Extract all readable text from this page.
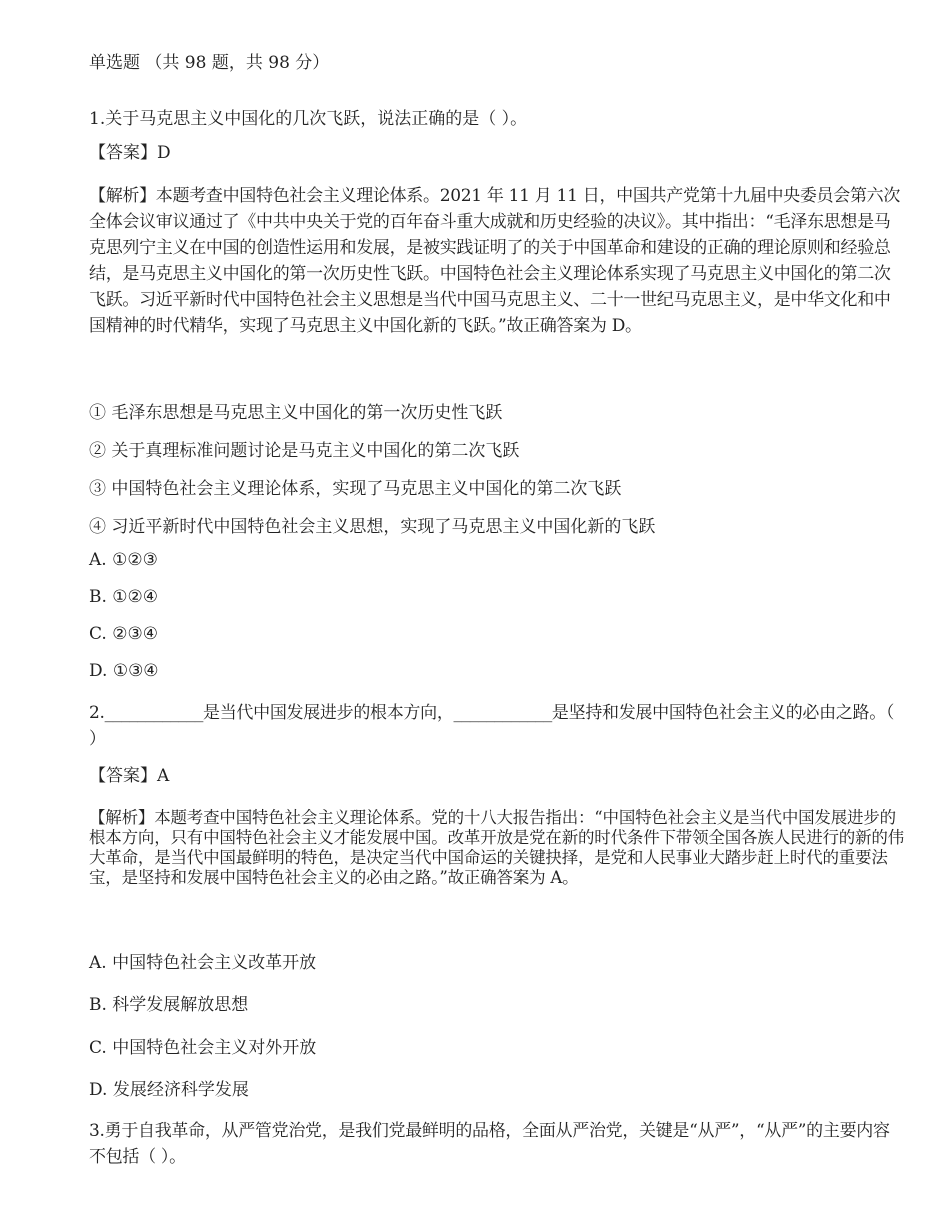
单选题 （共 98 题，共 98 分）
1.关于马克思主义中国化的几次飞跃，说法正确的是（ ）。
【答案】D
【解析】本题考查中国特色社会主义理论体系。2021 年 11 月 11 日，中国共产党第十九届中央委员会第六次全体会议审议通过了《中共中央关于党的百年奋斗重大成就和历史经验的决议》。其中指出：“毛泽东思想是马克思列宁主义在中国的创造性运用和发展，是被实践证明了的关于中国革命和建设的正确的理论原则和经验总结，是马克思主义中国化的第一次历史性飞跃。中国特色社会主义理论体系实现了马克思主义中国化的第二次飞跃。习近平新时代中国特色社会主义思想是当代中国马克思主义、二十一世纪马克思主义，是中华文化和中国精神的时代精华，实现了马克思主义中国化新的飞跃。”故正确答案为 D。
① 毛泽东思想是马克思主义中国化的第一次历史性飞跃
② 关于真理标准问题讨论是马克主义中国化的第二次飞跃
③ 中国特色社会主义理论体系，实现了马克思主义中国化的第二次飞跃
④ 习近平新时代中国特色社会主义思想，实现了马克思主义中国化新的飞跃
A. ①②③
B. ①②④
C. ②③④
D. ①③④
2.____________是当代中国发展进步的根本方向，____________是坚持和发展中国特色社会主义的必由之路。（ ）
【答案】A
【解析】本题考查中国特色社会主义理论体系。党的十八大报告指出：“中国特色社会主义是当代中国发展进步的根本方向，只有中国特色社会主义才能发展中国。改革开放是党在新的时代条件下带领全国各族人民进行的新的伟大革命，是当代中国最鲜明的特色，是决定当代中国命运的关键抉择，是党和人民事业大踏步赶上时代的重要法宝，是坚持和发展中国特色社会主义的必由之路。”故正确答案为 A。
A. 中国特色社会主义改革开放
B. 科学发展解放思想
C. 中国特色社会主义对外开放
D. 发展经济科学发展
3.勇于自我革命，从严管党治党，是我们党最鲜明的品格，全面从严治党，关键是“从严”，“从严”的主要内容不包括（ ）。
